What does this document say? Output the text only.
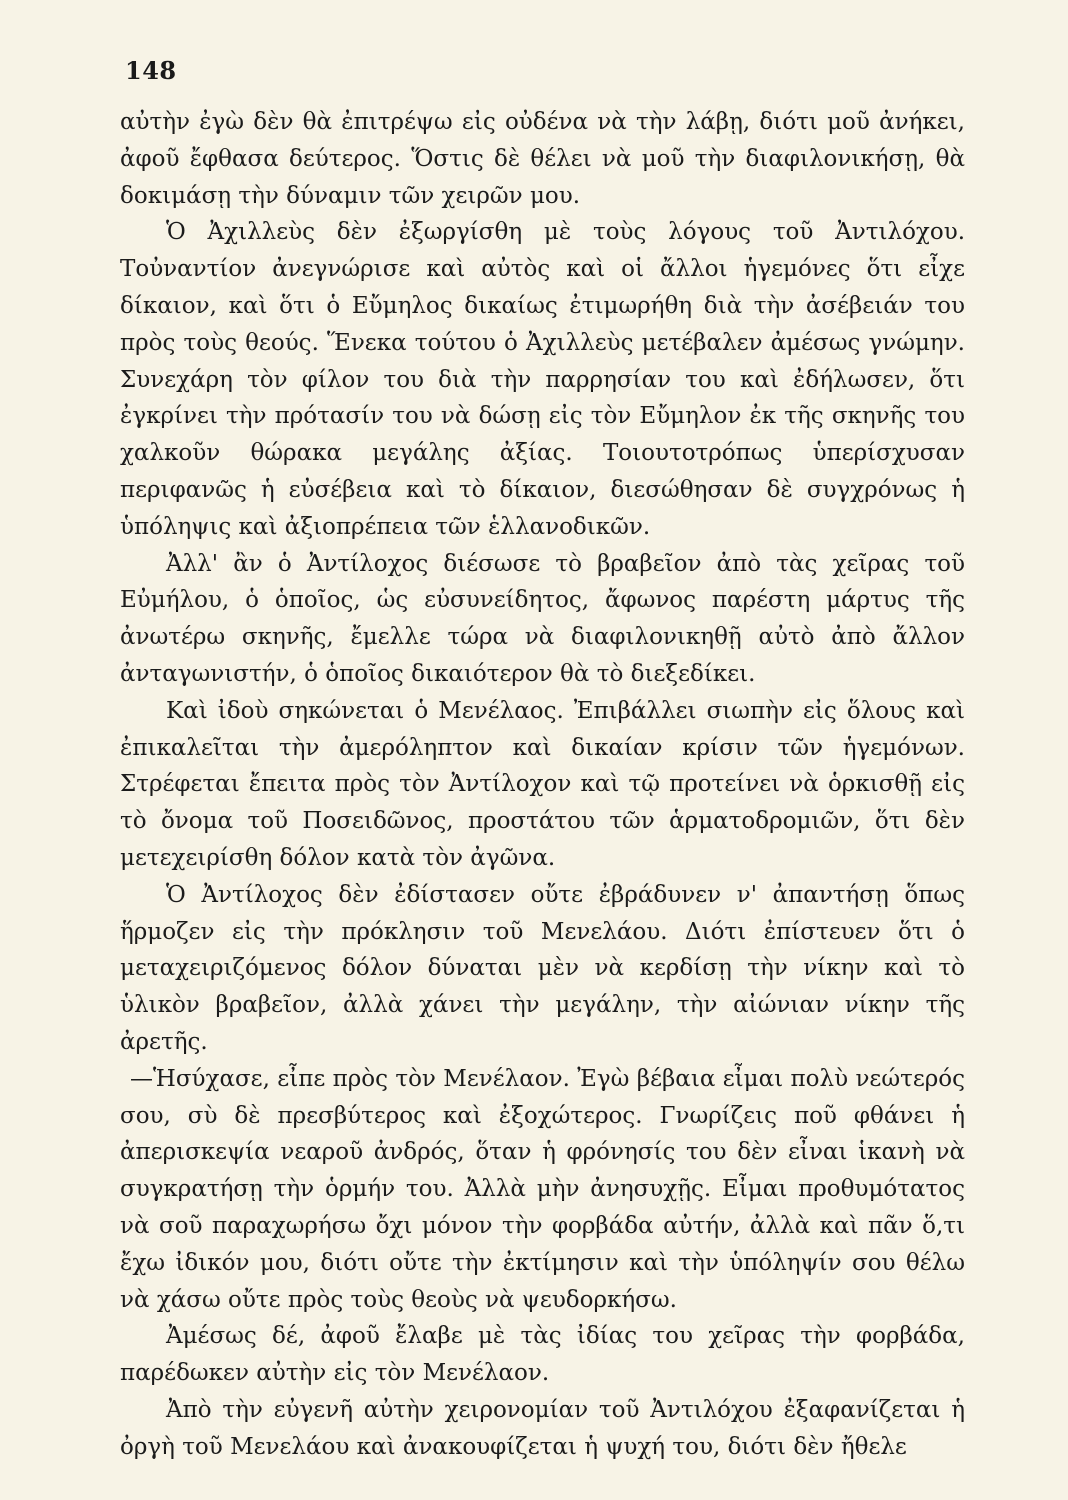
148

αὐτὴν ἐγὼ δὲν θὰ ἐπιτρέψω εἰς οὐδένα νὰ τὴν λάβῃ, διότι μοῦ ἀνήκει, ἀφοῦ ἔφθασα δεύτερος. Ὅστις δὲ θέλει νὰ μοῦ τὴν διαφιλονικήσῃ, θὰ δοκιμάσῃ τὴν δύναμιν τῶν χειρῶν μου.

Ὁ Ἀχιλλεὺς δὲν ἐξωργίσθη μὲ τοὺς λόγους τοῦ Ἀντιλόχου. Τοὐναντίον ἀνεγνώρισε καὶ αὐτὸς καὶ οἱ ἄλλοι ἡγεμόνες ὅτι εἶχε δίκαιον, καὶ ὅτι ὁ Εὔμηλος δικαίως ἐτιμωρήθη διὰ τὴν ἀσέβειάν του πρὸς τοὺς θεούς. Ἕνεκα τούτου ὁ Ἀχιλλεὺς μετέβαλεν ἀμέσως γνώμην. Συνεχάρη τὸν φίλον του διὰ τὴν παρρησίαν του καὶ ἐδήλωσεν, ὅτι ἐγκρίνει τὴν πρότασίν του νὰ δώσῃ εἰς τὸν Εὔμηλον ἐκ τῆς σκηνῆς του χαλκοῦν θώρακα μεγάλης ἀξίας. Τοιουτοτρόπως ὑπερίσχυσαν περιφανῶς ἡ εὐσέβεια καὶ τὸ δίκαιον, διεσώθησαν δὲ συγχρόνως ἡ ὑπόληψις καὶ ἀξιοπρέπεια τῶν ἑλλανοδικῶν.

Ἀλλ' ἂν ὁ Ἀντίλοχος διέσωσε τὸ βραβεῖον ἀπὸ τὰς χεῖρας τοῦ Εὐμήλου, ὁ ὁποῖος, ὡς εὐσυνείδητος, ἄφωνος παρέστη μάρτυς τῆς ἀνωτέρω σκηνῆς, ἔμελλε τώρα νὰ διαφιλονικηθῇ αὐτὸ ἀπὸ ἄλλον ἀνταγωνιστήν, ὁ ὁποῖος δικαιότερον θὰ τὸ διεξεδίκει.

Καὶ ἰδοὺ σηκώνεται ὁ Μενέλαος. Ἐπιβάλλει σιωπὴν εἰς ὅλους καὶ ἐπικαλεῖται τὴν ἀμερόληπτον καὶ δικαίαν κρίσιν τῶν ἡγεμόνων. Στρέφεται ἔπειτα πρὸς τὸν Ἀντίλοχον καὶ τῷ προτείνει νὰ ὁρκισθῇ εἰς τὸ ὄνομα τοῦ Ποσειδῶνος, προστάτου τῶν ἁρματοδρομιῶν, ὅτι δὲν μετεχειρίσθη δόλον κατὰ τὸν ἀγῶνα.

Ὁ Ἀντίλοχος δὲν ἐδίστασεν οὔτε ἐβράδυνεν ν' ἀπαντήσῃ ὅπως ἥρμοζεν εἰς τὴν πρόκλησιν τοῦ Μενελάου. Διότι ἐπίστευεν ὅτι ὁ μεταχειριζόμενος δόλον δύναται μὲν νὰ κερδίσῃ τὴν νίκην καὶ τὸ ὑλικὸν βραβεῖον, ἀλλὰ χάνει τὴν μεγάλην, τὴν αἰώνιαν νίκην τῆς ἀρετῆς.

—Ἡσύχασε, εἶπε πρὸς τὸν Μενέλαον. Ἐγὼ βέβαια εἶμαι πολὺ νεώτερός σου, σὺ δὲ πρεσβύτερος καὶ ἐξοχώτερος. Γνωρίζεις ποῦ φθάνει ἡ ἀπερισκεψία νεαροῦ ἀνδρός, ὅταν ἡ φρόνησίς του δὲν εἶναι ἱκανὴ νὰ συγκρατήσῃ τὴν ὁρμήν του. Ἀλλὰ μὴν ἀνησυχῇς. Εἶμαι προθυμότατος νὰ σοῦ παραχωρήσω ὄχι μόνον τὴν φορβάδα αὐτήν, ἀλλὰ καὶ πᾶν ὅ,τι ἔχω ἰδικόν μου, διότι οὔτε τὴν ἐκτίμησιν καὶ τὴν ὑπόληψίν σου θέλω νὰ χάσω οὔτε πρὸς τοὺς θεοὺς νὰ ψευδορκήσω.

Ἀμέσως δέ, ἀφοῦ ἔλαβε μὲ τὰς ἰδίας του χεῖρας τὴν φορβάδα, παρέδωκεν αὐτὴν εἰς τὸν Μενέλαον.

Ἀπὸ τὴν εὐγενῆ αὐτὴν χειρονομίαν τοῦ Ἀντιλόχου ἐξαφανίζεται ἡ ὀργὴ τοῦ Μενελάου καὶ ἀνακουφίζεται ἡ ψυχή του, διότι δὲν ἤθελε
